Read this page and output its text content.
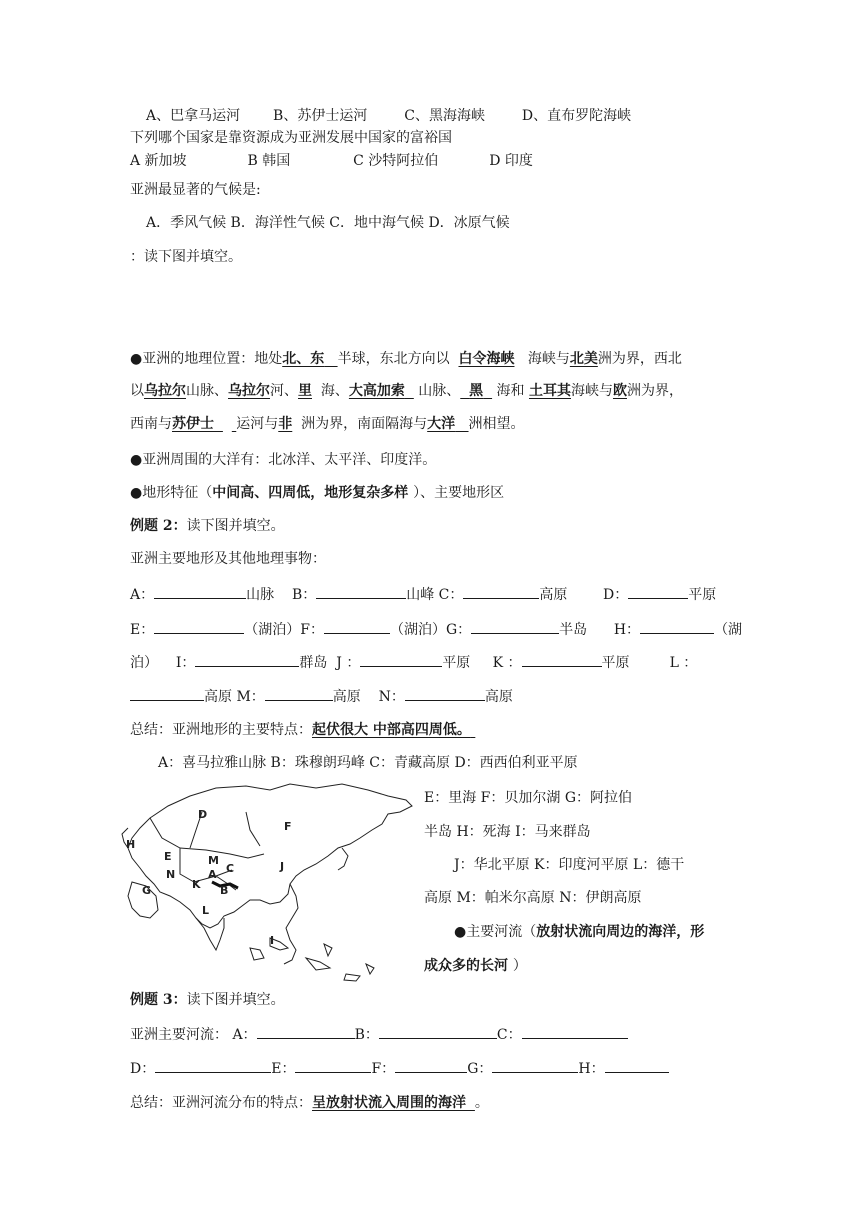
A、巴拿马运河 B、苏伊士运河	C、黑海海峡	D、直布罗陀海峡
下列哪个国家是靠资源成为亚洲发展中国家的富裕国
A 新加坡	B 韩国	C 沙特阿拉伯	D 印度
亚洲最显著的气候是:
A．季风气候 B．海洋性气候 C．地中海气候 D．冰原气候
：读下图并填空。
●亚洲的地理位置：地处北、东 半球，东北方向以 白令海峡 海峡与北美洲为界，西北
以乌拉尔山脉、乌拉尔河、里 海、大高加索 山脉、 黑 海和 土耳其海峡与欧洲为界，
西南与苏伊士 运河与非 洲为界，南面隔海与大洋 洲相望。
●亚洲周围的大洋有：北冰洋、太平洋、印度洋。
●地形特征（中间高、四周低，地形复杂多样 ）、主要地形区
例题 2：读下图并填空。
亚洲主要地形及其他地理事物：
A：	山脉 B：	山峰 C：	高原	D：	平原
E：	（湖泊）F：	（湖泊）G：	半岛 H：	（湖
泊） I：	群岛 J ：	平原 K ：	平原	L ：
高原 M：	高原 N：	高原
总结：亚洲地形的主要特点：起伏很大 中部高四周低。
A：喜马拉雅山脉 B：珠穆朗玛峰 C：青藏高原 D：西西伯利亚平原
D
F
H
E	M
C	J
G
N	A
K B
L
I
E：里海 F：贝加尔湖 G：阿拉伯
半岛 H：死海 I：马来群岛
J：华北平原 K：印度河平原 L：德干
高原 M：帕米尔高原 N：伊朗高原
●主要河流（放射状流向周边的海洋，形
成众多的长河 ）
例题 3：读下图并填空。
亚洲主要河流： A：	B：	C：
D：	E：	F：	G：	H：
总结：亚洲河流分布的特点：呈放射状流入周围的海洋 。
